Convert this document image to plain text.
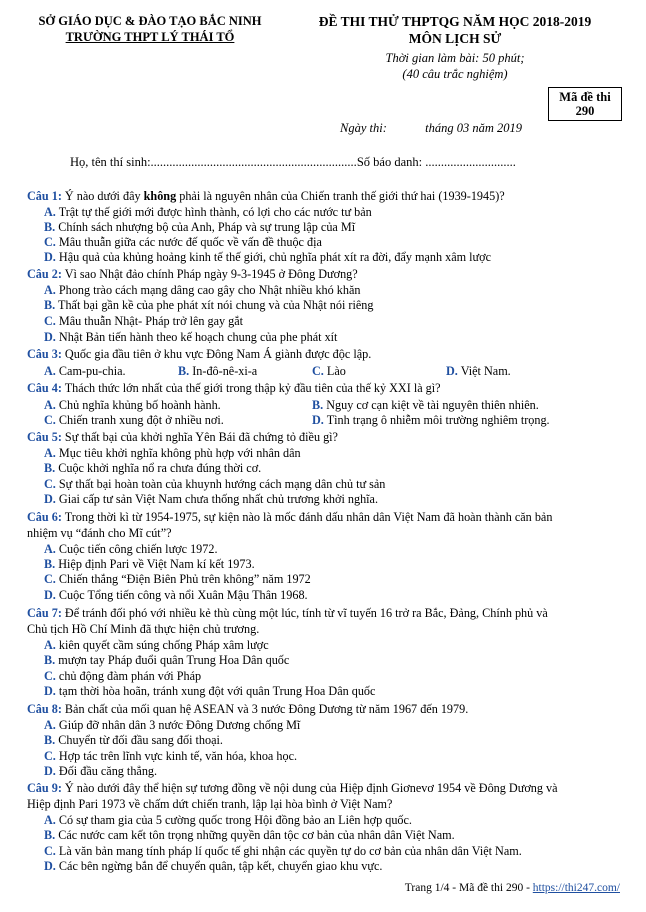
SỞ GIÁO DỤC & ĐÀO TẠO BẮC NINH
TRƯỜNG THPT LÝ THÁI TỔ
ĐỀ THI THỬ THPTQG NĂM HỌC 2018-2019
MÔN LỊCH SỬ
Thời gian làm bài: 50 phút;
(40 câu trắc nghiệm)
Mã đề thi
290
Ngày thi:	tháng 03 năm 2019
Họ, tên thí sinh:..................................................................Số báo danh: .............................
Câu 1: Ý nào dưới đây không phải là nguyên nhân của Chiến tranh thế giới thứ hai (1939-1945)?
A. Trật tự thế giới mới được hình thành, có lợi cho các nước tư bản
B. Chính sách nhượng bộ của Anh, Pháp và sự trung lập của Mĩ
C. Mâu thuẫn giữa các nước đế quốc về vấn đề thuộc địa
D. Hậu quả của khủng hoảng kinh tế thế giới, chủ nghĩa phát xít ra đời, đẩy mạnh xâm lược
Câu 2: Vì sao Nhật đảo chính Pháp ngày 9-3-1945 ở Đông Dương?
A. Phong trào cách mạng dâng cao gây cho Nhật nhiều khó khăn
B. Thất bại gần kề của phe phát xít nói chung và của Nhật nói riêng
C. Mâu thuẫn Nhật- Pháp trở lên gay gắt
D. Nhật Bản tiến hành theo kế hoạch chung của phe phát xít
Câu 3: Quốc gia đầu tiên ở khu vực Đông Nam Á giành được độc lập.
A. Cam-pu-chia.	B. In-đô-nê-xi-a	C. Lào	D. Việt Nam.
Câu 4: Thách thức lớn nhất của thế giới trong thập kỷ đầu tiên của thế kỷ XXI là gì?
A. Chủ nghĩa khủng bố hoành hành.	B. Nguy cơ cạn kiệt về tài nguyên thiên nhiên.
C. Chiến tranh xung đột ở nhiều nơi.	D. Tình trạng ô nhiễm môi trường nghiêm trọng.
Câu 5: Sự thất bại của khởi nghĩa Yên Bái đã chứng tỏ điều gì?
A. Mục tiêu khởi nghĩa không phù hợp với nhân dân
B. Cuộc khởi nghĩa nổ ra chưa đúng thời cơ.
C. Sự thất bại hoàn toàn của khuynh hướng cách mạng dân chủ tư sản
D. Giai cấp tư sản Việt Nam chưa thống nhất chủ trương khởi nghĩa.
Câu 6: Trong thời kì từ 1954-1975, sự kiện nào là mốc đánh dấu nhân dân Việt Nam đã hoàn thành căn bản
nhiệm vụ “đánh cho Mĩ cút”?
A. Cuộc tiến công chiến lược 1972.
B. Hiệp định Pari về Việt Nam kí kết 1973.
C. Chiến thắng “Điện Biên Phủ trên không” năm 1972
D. Cuộc Tổng tiến công và nổi Xuân Mậu Thân 1968.
Câu 7: Để tránh đối phó với nhiều kẻ thù cùng một lúc, tính từ vĩ tuyến 16 trở ra Bắc, Đảng, Chính phủ và
Chủ tịch Hồ Chí Minh đã thực hiện chủ trương.
A. kiên quyết cầm súng chống Pháp xâm lược
B. mượn tay Pháp đuổi quân Trung Hoa Dân quốc
C. chủ động đàm phán với Pháp
D. tạm thời hòa hoãn, tránh xung đột với quân Trung Hoa Dân quốc
Câu 8: Bản chất của mối quan hệ ASEAN và 3 nước Đông Dương từ năm 1967 đến 1979.
A. Giúp đỡ nhân dân 3 nước Đông Dương chống Mĩ
B. Chuyển từ đối đầu sang đối thoại.
C. Hợp tác trên lĩnh vực kinh tế, văn hóa, khoa học.
D. Đối đầu căng thẳng.
Câu 9: Ý nào dưới đây thể hiện sự tương đồng về nội dung của Hiệp định Giơnevơ 1954 về Đông Dương và
Hiệp định Pari 1973 về chấm dứt chiến tranh, lập lại hòa bình ở Việt Nam?
A. Có sự tham gia của 5 cường quốc trong Hội đồng bảo an Liên hợp quốc.
B. Các nước cam kết tôn trọng những quyền dân tộc cơ bản của nhân dân Việt Nam.
C. Là văn bản mang tính pháp lí quốc tế ghi nhận các quyền tự do cơ bản của nhân dân Việt Nam.
D. Các bên ngừng bắn để chuyển quân, tập kết, chuyển giao khu vực.
Trang 1/4 - Mã đề thi 290 - https://thi247.com/
